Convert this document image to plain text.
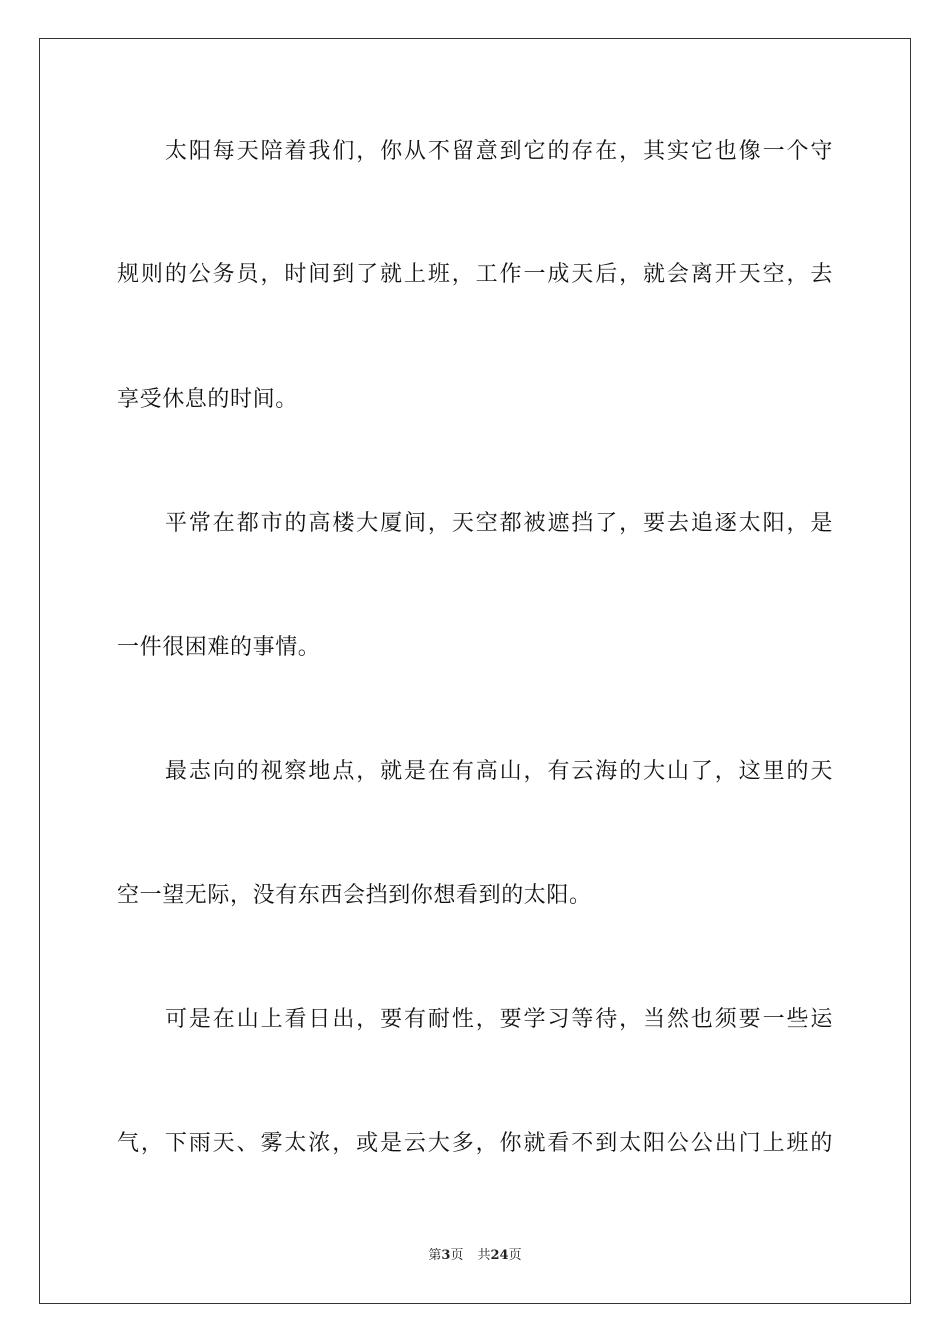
太阳每天陪着我们，你从不留意到它的存在，其实它也像一个守
规则的公务员，时间到了就上班，工作一成天后，就会离开天空，去
享受休息的时间。
平常在都市的高楼大厦间，天空都被遮挡了，要去追逐太阳，是
一件很困难的事情。
最志向的视察地点，就是在有高山，有云海的大山了，这里的天
空一望无际，没有东西会挡到你想看到的太阳。
可是在山上看日出，要有耐性，要学习等待，当然也须要一些运
气，下雨天、雾太浓，或是云大多，你就看不到太阳公公出门上班的
第3页 共24页
